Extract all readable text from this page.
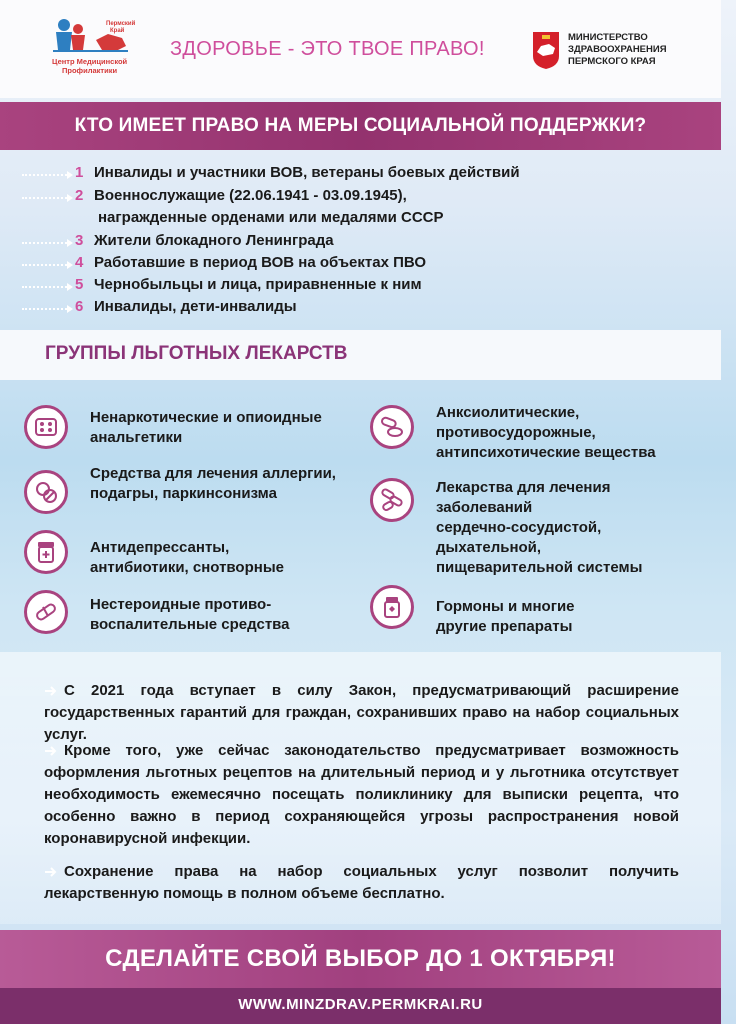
Пермский
Край
Центр Медицинской
Профилактики
ЗДОРОВЬЕ - ЭТО ТВОЕ ПРАВО!
МИНИСТЕРСТВО
ЗДРАВООХРАНЕНИЯ
ПЕРМСКОГО КРАЯ
КТО ИМЕЕТ ПРАВО НА МЕРЫ СОЦИАЛЬНОЙ ПОДДЕРЖКИ?
1 Инвалиды и участники ВОВ, ветераны боевых действий
2 Военнослужащие (22.06.1941 - 03.09.1945),
награжденные орденами или медалями СССР
3 Жители блокадного Ленинграда
4 Работавшие в период ВОВ на объектах ПВО
5 Чернобыльцы и лица, приравненные к ним
6 Инвалиды, дети-инвалиды
ГРУППЫ ЛЬГОТНЫХ ЛЕКАРСТВ
Ненаркотические и опиоидные
анальгетики
Средства для лечения аллергии,
подагры, паркинсонизма
Антидепрессанты,
антибиотики, снотворные
Нестероидные противо-
воспалительные средства
Анксиолитические,
противосудорожные,
антипсихотические вещества
Лекарства для лечения
заболеваний
сердечно-сосудистой,
дыхательной,
пищеварительной системы
Гормоны и многие
другие препараты
С 2021 года вступает в силу Закон, предусматривающий расширение государственных гарантий для граждан, сохранивших право на набор социальных услуг.
Кроме того, уже сейчас законодательство предусматривает возможность оформления льготных рецептов на длительный период и у льготника отсутствует необходимость ежемесячно посещать поликлинику для выписки рецепта, что особенно важно в период сохраняющейся угрозы распространения новой коронавирусной инфекции.
Сохранение права на набор социальных услуг позволит получить лекарственную помощь в полном объеме бесплатно.
СДЕЛАЙТЕ СВОЙ ВЫБОР ДО 1 ОКТЯБРЯ!
WWW.MINZDRAV.PERMKRAI.RU
